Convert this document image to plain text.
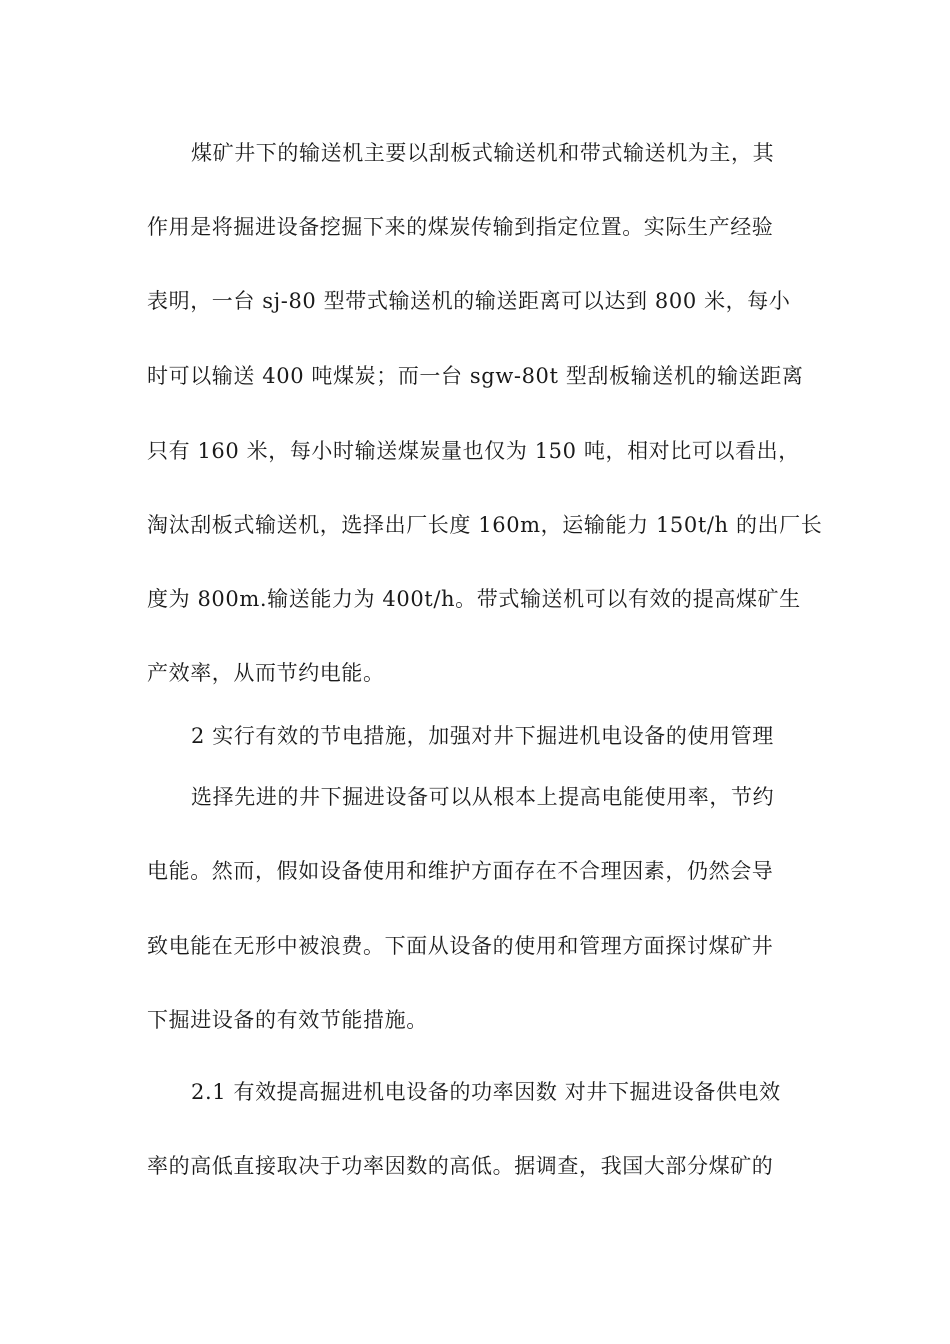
煤矿井下的输送机主要以刮板式输送机和带式输送机为主，其
作用是将掘进设备挖掘下来的煤炭传输到指定位置。实际生产经验
表明，一台 sj-80 型带式输送机的输送距离可以达到 800 米，每小
时可以输送 400 吨煤炭；而一台 sgw-80t 型刮板输送机的输送距离
只有 160 米，每小时输送煤炭量也仅为 150 吨，相对比可以看出，
淘汰刮板式输送机，选择出厂长度 160m，运输能力 150t/h 的出厂长
度为 800m.输送能力为 400t/h。带式输送机可以有效的提高煤矿生
产效率，从而节约电能。
2 实行有效的节电措施，加强对井下掘进机电设备的使用管理
选择先进的井下掘进设备可以从根本上提高电能使用率，节约
电能。然而，假如设备使用和维护方面存在不合理因素，仍然会导
致电能在无形中被浪费。下面从设备的使用和管理方面探讨煤矿井
下掘进设备的有效节能措施。
2.1 有效提高掘进机电设备的功率因数 对井下掘进设备供电效
率的高低直接取决于功率因数的高低。据调查，我国大部分煤矿的
